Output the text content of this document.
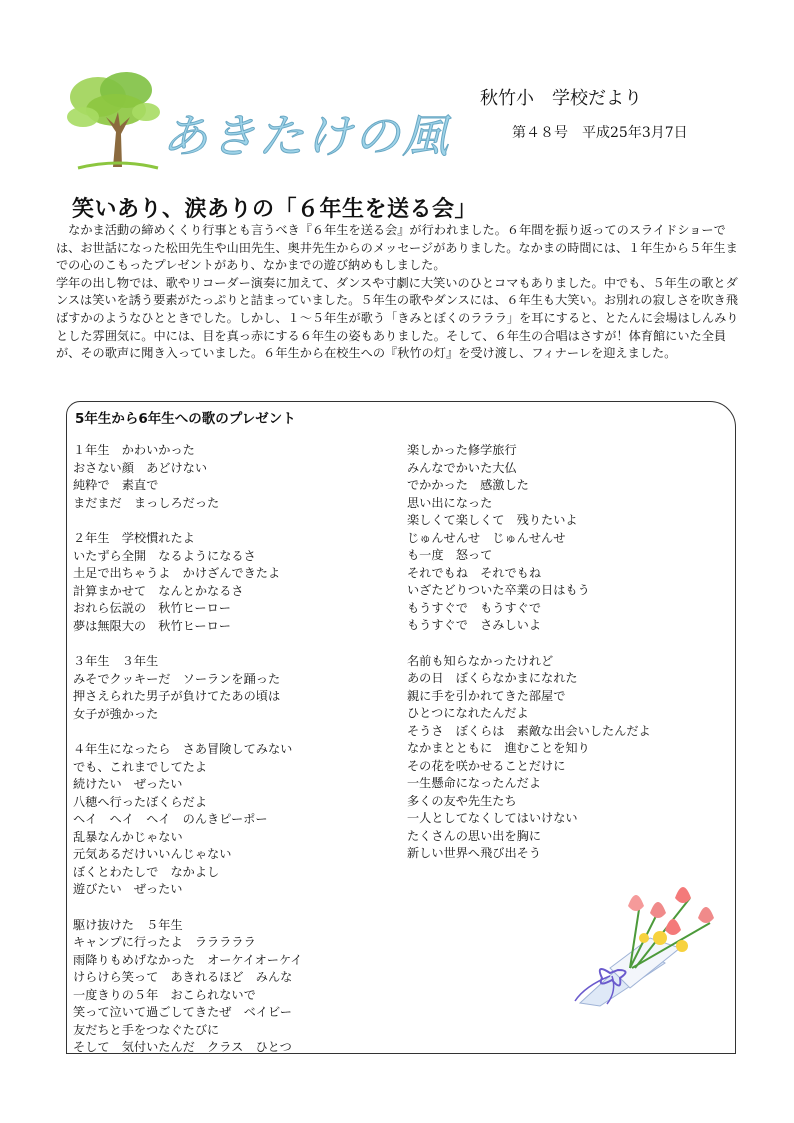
あきたけの風
秋竹小　学校だより
第４８号　平成25年3月7日
笑いあり、涙ありの「６年生を送る会」

　なかま活動の締めくくり行事とも言うべき『６年生を送る会』が行われました。６年間を振り返ってのスライドショーでは、お世話になった松田先生や山田先生、奥井先生からのメッセージがありました。なかまの時間には、１年生から５年生までの心のこもったプレゼントがあり、なかまでの遊び納めもしました。

学年の出し物では、歌やリコーダー演奏に加えて、ダンスや寸劇に大笑いのひとコマもありました。中でも、５年生の歌とダンスは笑いを誘う要素がたっぷりと詰まっていました。５年生の歌やダンスには、６年生も大笑い。お別れの寂しさを吹き飛ばすかのようなひとときでした。しかし、１～５年生が歌う「きみとぼくのラララ」を耳にすると、とたんに会場はしんみりとした雰囲気に。中には、目を真っ赤にする６年生の姿もありました。そして、６年生の合唱はさすが！体育館にいた全員が、その歌声に聞き入っていました。６年生から在校生への『秋竹の灯』を受け渡し、フィナーレを迎えました。

5年生から6年生への歌のプレゼント
１年生　かわいかった
おさない顔　あどけない
純粋で　素直で
まだまだ　まっしろだった
２年生　学校慣れたよ
いたずら全開　なるようになるさ
土足で出ちゃうよ　かけざんできたよ
計算まかせて　なんとかなるさ
おれら伝説の　秋竹ヒーロー
夢は無限大の　秋竹ヒーロー
３年生　３年生
みそでクッキーだ　ソーランを踊った
押さえられた男子が負けてたあの頃は
女子が強かった
４年生になったら　さあ冒険してみない
でも、これまでしてたよ
続けたい　ぜったい
八穂へ行ったぼくらだよ
ヘイ　ヘイ　ヘイ　のんきピーポー
乱暴なんかじゃない
元気あるだけいいんじゃない
ぼくとわたしで　なかよし
遊びたい　ぜったい
駆け抜けた　５年生
キャンプに行ったよ　ラララララ
雨降りもめげなかった　オーケイオーケイ
けらけら笑って　あきれるほど　みんな
一度きりの５年　おこられないで
笑って泣いて過ごしてきたぜ　ベイビー
友だちと手をつなぐたびに
そして　気付いたんだ　クラス　ひとつ
楽しかった修学旅行
みんなでかいた大仏
でかかった　感激した
思い出になった
楽しくて楽しくて　残りたいよ
じゅんせんせ　じゅんせんせ
も一度　怒って
それでもね　それでもね
いざたどりついた卒業の日はもう
もうすぐで　もうすぐで
もうすぐで　さみしいよ
名前も知らなかったけれど
あの日　ぼくらなかまになれた
親に手を引かれてきた部屋で
ひとつになれたんだよ
そうさ　ぼくらは　素敵な出会いしたんだよ
なかまとともに　進むことを知り
その花を咲かせることだけに
一生懸命になったんだよ
多くの友や先生たち
一人としてなくしてはいけない
たくさんの思い出を胸に
新しい世界へ飛び出そう
